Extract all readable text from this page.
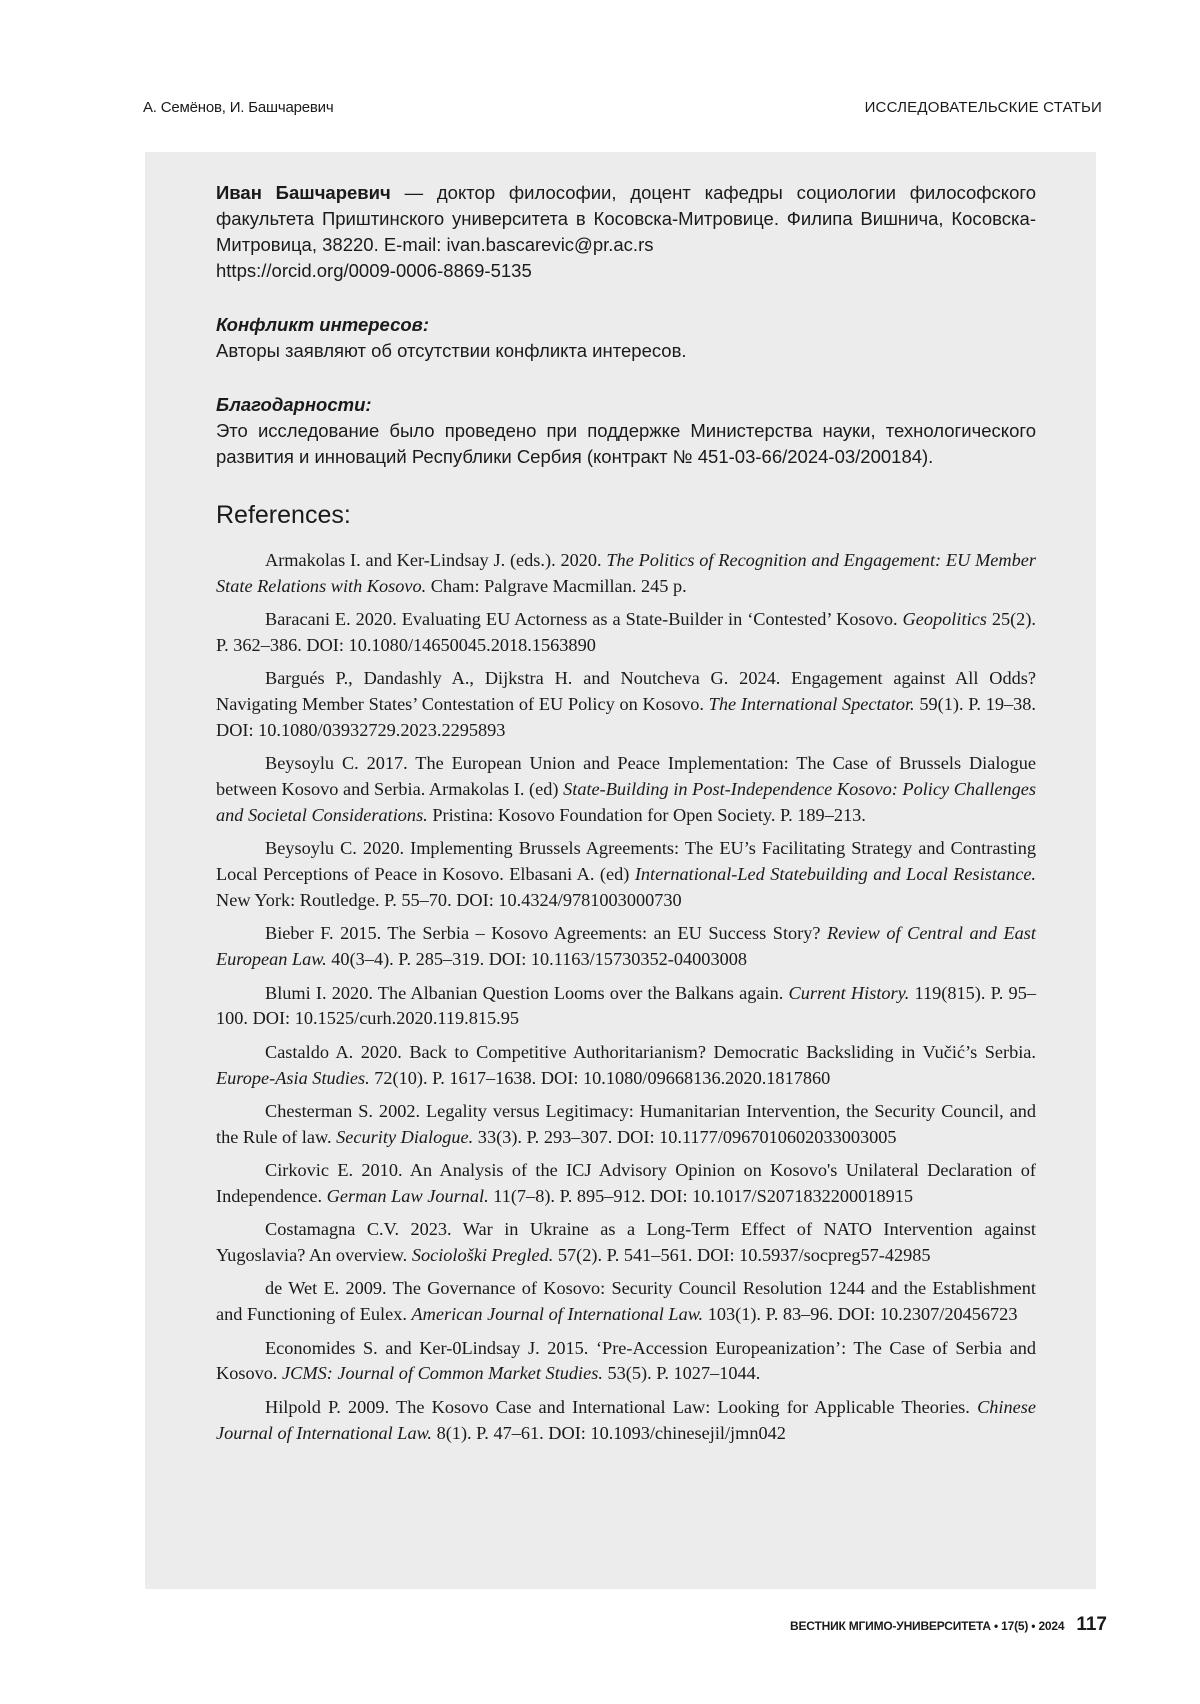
А. Семёнов, И. Башчаревич	ИССЛЕДОВАТЕЛЬСКИЕ СТАТЬИ

Иван Башчаревич — доктор философии, доцент кафедры социологии философского факультета Приштинского университета в Косовска-Митровице. Филипа Вишнича, Косовска-Митровица, 38220. E-mail: ivan.bascarevic@pr.ac.rs
https://orcid.org/0009-0006-8869-5135

Конфликт интересов:

Авторы заявляют об отсутствии конфликта интересов.

Благодарности:

Это исследование было проведено при поддержке Министерства науки, технологичес­кого развития и инноваций Республики Сербия (контракт № 451-03-66/2024-03/200184).

References:
Armakolas I. and Ker-Lindsay J. (eds.). 2020. The Politics of Recognition and Engagement: EU Member State Relations with Kosovo. Cham: Palgrave Macmillan. 245 p.
Baracani E. 2020. Evaluating EU Actorness as a State-Builder in ‘Contested’ Kosovo. Geopoli­tics 25(2). P. 362–386. DOI: 10.1080/14650045.2018.1563890
Bargués P., Dandashly A., Dijkstra H. and Noutcheva G. 2024. Engagement against All Odds? Navigating Member States’ Contestation of EU Policy on Kosovo. The International Spectator. 59(1). P. 19–38. DOI: 10.1080/03932729.2023.2295893
Beysoylu C. 2017. The European Union and Peace Implementation: The Case of Brussels Dialogue between Kosovo and Serbia. Armakolas I. (ed) State-Building in Post-Independence Ko­sovo: Policy Challenges and Societal Considerations. Pristina: Kosovo Foundation for Open Society. P. 189–213.
Beysoylu C. 2020. Implementing Brussels Agreements: The EU’s Facilitating Strategy and Contrasting Local Perceptions of Peace in Kosovo. Elbasani A. (ed) International-Led Statebuilding and Local Resistance. New York: Routledge. P. 55–70. DOI: 10.4324/9781003000730
Bieber F. 2015. The Serbia – Kosovo Agreements: an EU Success Story? Review of Central and East European Law. 40(3–4). P. 285–319. DOI: 10.1163/15730352-04003008
Blumi I. 2020. The Albanian Question Looms over the Balkans again. Current History. 119(815). P. 95–100. DOI: 10.1525/curh.2020.119.815.95
Castaldo A. 2020. Back to Competitive Authoritarianism? Democratic Backsliding in Vučić’s Serbia. Europe-Asia Studies. 72(10). P. 1617–1638. DOI: 10.1080/09668136.2020.1817860
Chesterman S. 2002. Legality versus Legitimacy: Humanitarian Intervention, the Security Coun­cil, and the Rule of law. Security Dialogue. 33(3). P. 293–307. DOI: 10.1177/0967010602033003005
Cirkovic E. 2010. An Analysis of the ICJ Advisory Opinion on Kosovo's Unilateral Declaration of Independence. German Law Journal. 11(7–8). P. 895–912. DOI: 10.1017/S2071832200018915
Costamagna C.V. 2023. War in Ukraine as a Long-Term Effect of NATO Intervention against Yugoslavia? An overview. Sociološki Pregled. 57(2). P. 541–561. DOI: 10.5937/socpreg57-42985
de Wet E. 2009. The Governance of Kosovo: Security Council Resolution 1244 and the Es­tablishment and Functioning of Eulex. American Journal of International Law. 103(1). P. 83–96. DOI: 10.2307/20456723
Economides S. and Ker-0Lindsay J. 2015. ‘Pre-Accession Europeanization’: The Case of Serbia and Kosovo. JCMS: Journal of Common Market Studies. 53(5). P. 1027–1044.
Hilpold P. 2009. The Kosovo Case and International Law: Looking for Applicable Theories. Chinese Journal of International Law. 8(1). P. 47–61. DOI: 10.1093/chinesejil/jmn042
ВЕСТНИК МГИМО-УНИВЕРСИТЕТА • 17(5) • 2024 117
